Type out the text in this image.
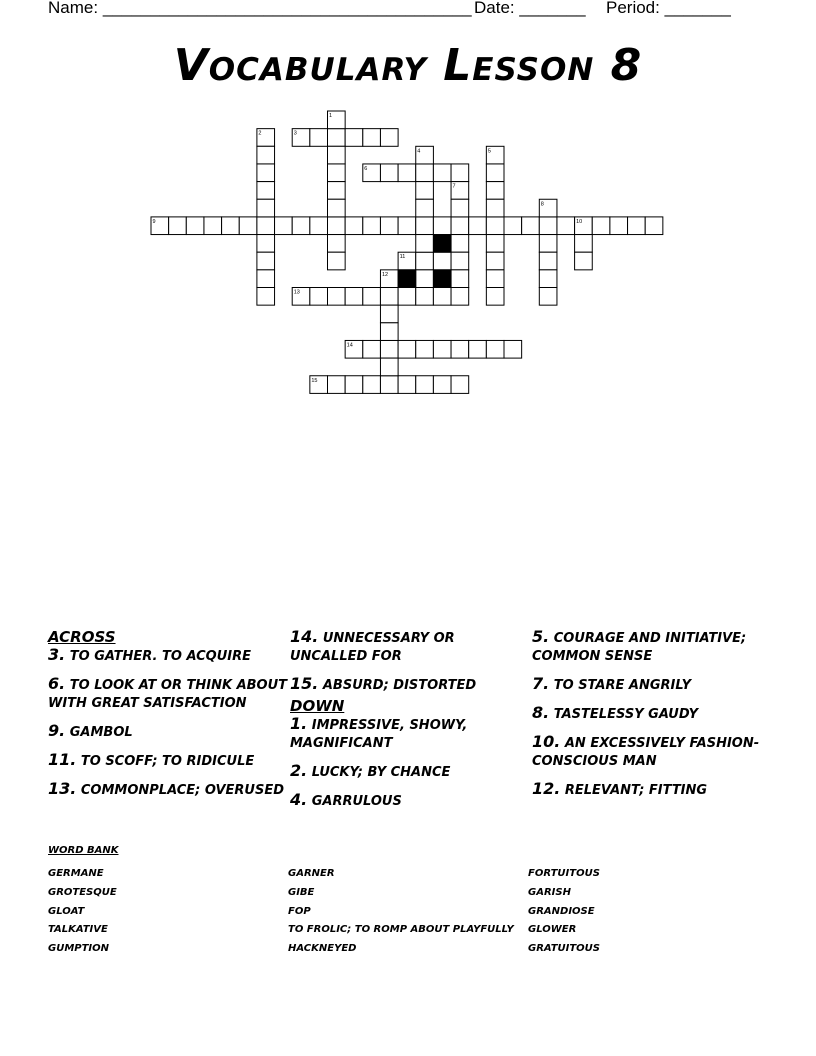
Name: _______________________________________ Date: _______ Period: _______
Vocabulary Lesson 8
1
2	3
4	5
6
7
8
9	10
11
12
13
14
15
ACROSS
3. TO GATHER. TO ACQUIRE
6. TO LOOK AT OR THINK ABOUT WITH GREAT SATISFACTION
9. GAMBOL
11. TO SCOFF; TO RIDICULE
13. COMMONPLACE; OVERUSED
14. UNNECESSARY OR UNCALLED FOR
15. ABSURD; DISTORTED
DOWN
1. IMPRESSIVE, SHOWY, MAGNIFICANT
2. LUCKY; BY CHANCE
4. GARRULOUS
5. COURAGE AND INITIATIVE; COMMON SENSE
7. TO STARE ANGRILY
8. TASTELESSY GAUDY
10. AN EXCESSIVELY FASHION-CONSCIOUS MAN
12. RELEVANT; FITTING
WORD BANK
GERMANE
GROTESQUE
GLOAT
TALKATIVE
GUMPTION
GARNER
GIBE
FOP
TO FROLIC; TO ROMP ABOUT PLAYFULLY
HACKNEYED
FORTUITOUS
GARISH
GRANDIOSE
GLOWER
GRATUITOUS
